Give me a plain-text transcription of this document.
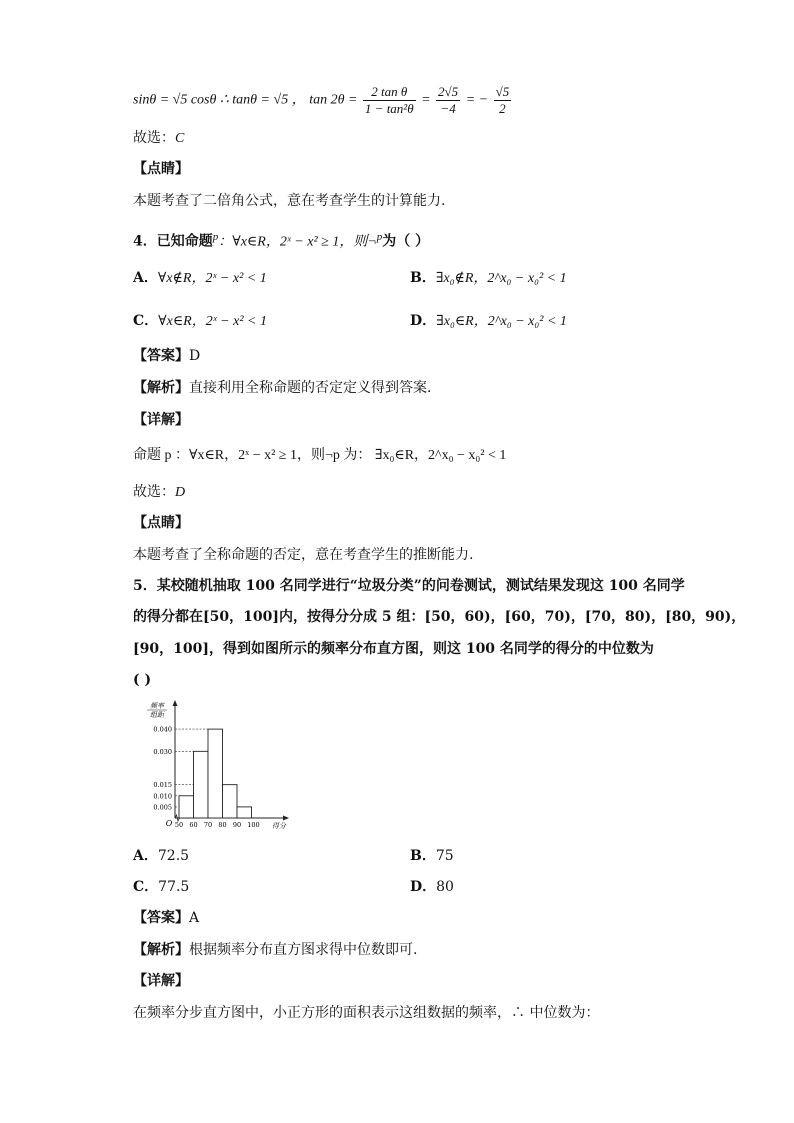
sinθ = √5 cosθ ∴ tanθ = √5 ， $\tan 2\theta = \frac{\text{2 tan θ}}{\text{1 − tan²θ}} = \frac{2√5}{-4}$ = − $\frac{√5}{2}$
故选：C
【点睛】
本题考查了二倍角公式，意在考查学生的计算能力.
4．已知命题$^p$：∀x∈R，2ˣ − x² ≥ 1，则¬$^p$为（ ）
A．∀x∉R，2ˣ − x² < 1	B．∃x₀∉R，2^x₀ − x₀² < 1
C．∀x∈R，2ˣ − x² < 1	D．∃x₀∈R，2^x₀ − x₀² < 1
【答案】D
【解析】直接利用全称命题的否定定义得到答案.
【详解】
命题 p ：∀x∈R，2ˣ − x² ≥ 1，则¬p 为： ∃x₀∈R，2^x₀ − x₀² < 1
故选：D
【点睛】
本题考查了全称命题的否定，意在考查学生的推断能力.
5．某校随机抽取 100 名同学进行“垃圾分类”的问卷测试，测试结果发现这 100 名同学
的得分都在[50，100]内，按得分分成 5 组：[50，60)，[60，70)，[70，80)，[80，90)，
[90，100]，得到如图所示的频率分布直方图，则这 100 名同学的得分的中位数为
( )
频率
组距
0.005
0.010
0.015
0.030
0.040
50 60 70 80 90 100
O	得分
A．72.5	B．75
C．77.5	D．80
【答案】A
【解析】根据频率分布直方图求得中位数即可.
【详解】
在频率分步直方图中，小正方形的面积表示这组数据的频率，∴ 中位数为：
